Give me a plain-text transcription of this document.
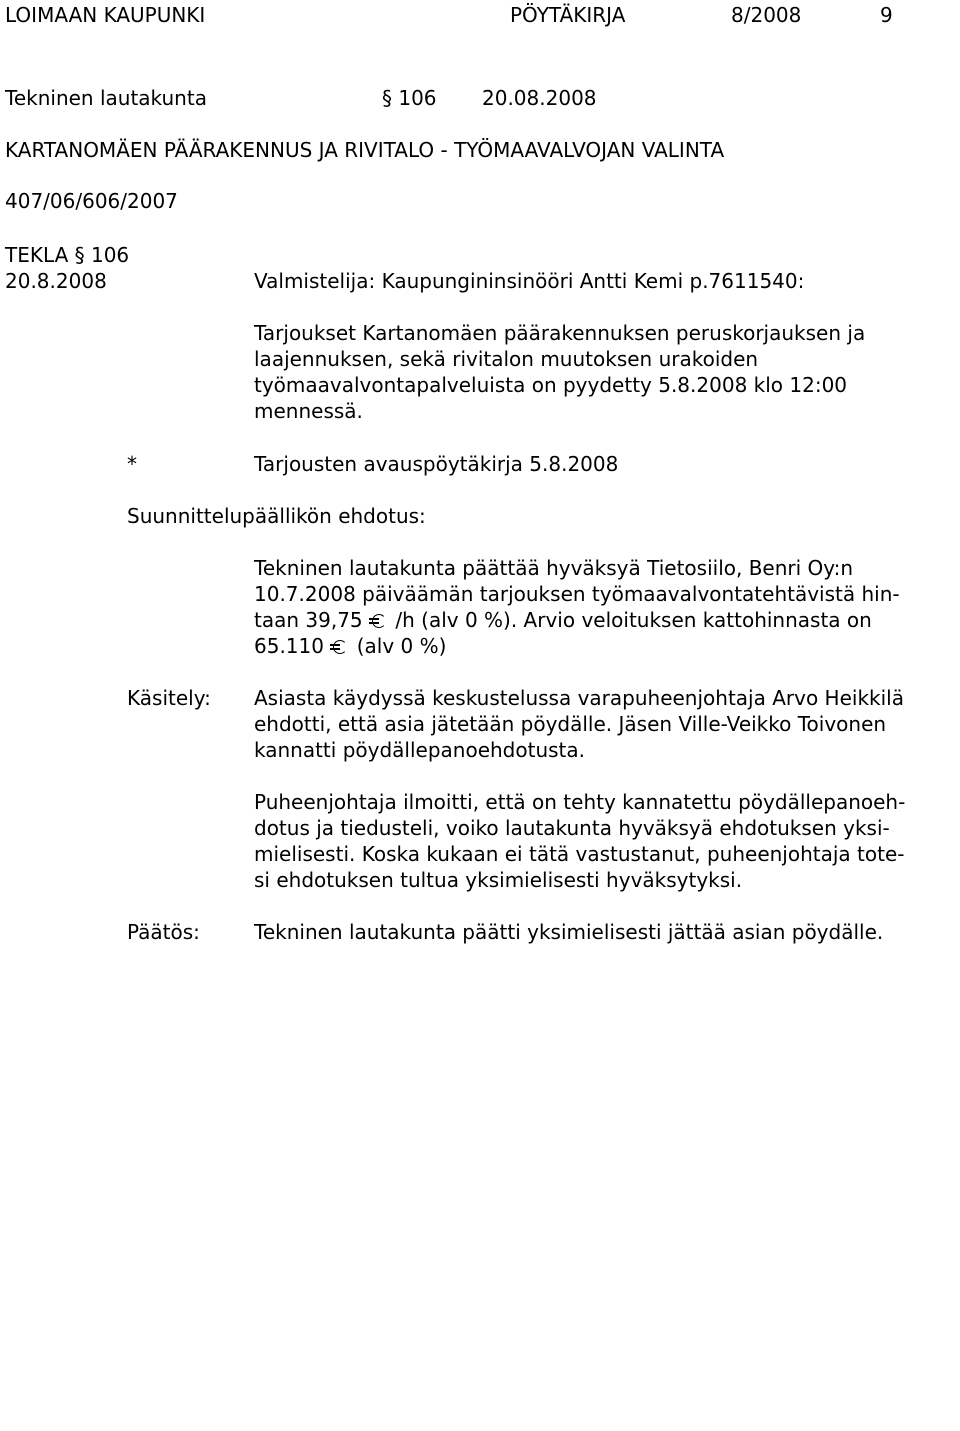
LOIMAAN KAUPUNKI	PÖYTÄKIRJA	8/2008	9
Tekninen lautakunta	§ 106 20.08.2008
KARTANOMÄEN PÄÄRAKENNUS JA RIVITALO - TYÖMAAVALVOJAN VALINTA
407/06/606/2007
TEKLA § 106
20.8.2008	Valmistelija: Kaupungininsinööri Antti Kemi p.7611540:
Tarjoukset Kartanomäen päärakennuksen peruskorjauksen ja
laajennuksen, sekä rivitalon muutoksen urakoiden
työmaavalvontapalveluista on pyydetty 5.8.2008 klo 12:00
mennessä.
*	Tarjousten avauspöytäkirja 5.8.2008
Suunnittelupäällikön ehdotus:
Tekninen lautakunta päättää hyväksyä Tietosiilo, Benri Oy:n
10.7.2008 päiväämän tarjouksen työmaavalvontatehtävistä hin-
taan 39,75 /h (alv 0 %). Arvio veloituksen kattohinnasta on
65.110 (alv 0 %)
Käsitely: Asiasta käydyssä keskustelussa varapuheenjohtaja Arvo Heikkilä
ehdotti, että asia jätetään pöydälle. Jäsen Ville-Veikko Toivonen
kannatti pöydällepanoehdotusta.
Puheenjohtaja ilmoitti, että on tehty kannatettu pöydällepanoeh-
dotus ja tiedusteli, voiko lautakunta hyväksyä ehdotuksen yksi-
mielisesti. Koska kukaan ei tätä vastustanut, puheenjohtaja tote-
si ehdotuksen tultua yksimielisesti hyväksytyksi.
Päätös:	Tekninen lautakunta päätti yksimielisesti jättää asian pöydälle.
